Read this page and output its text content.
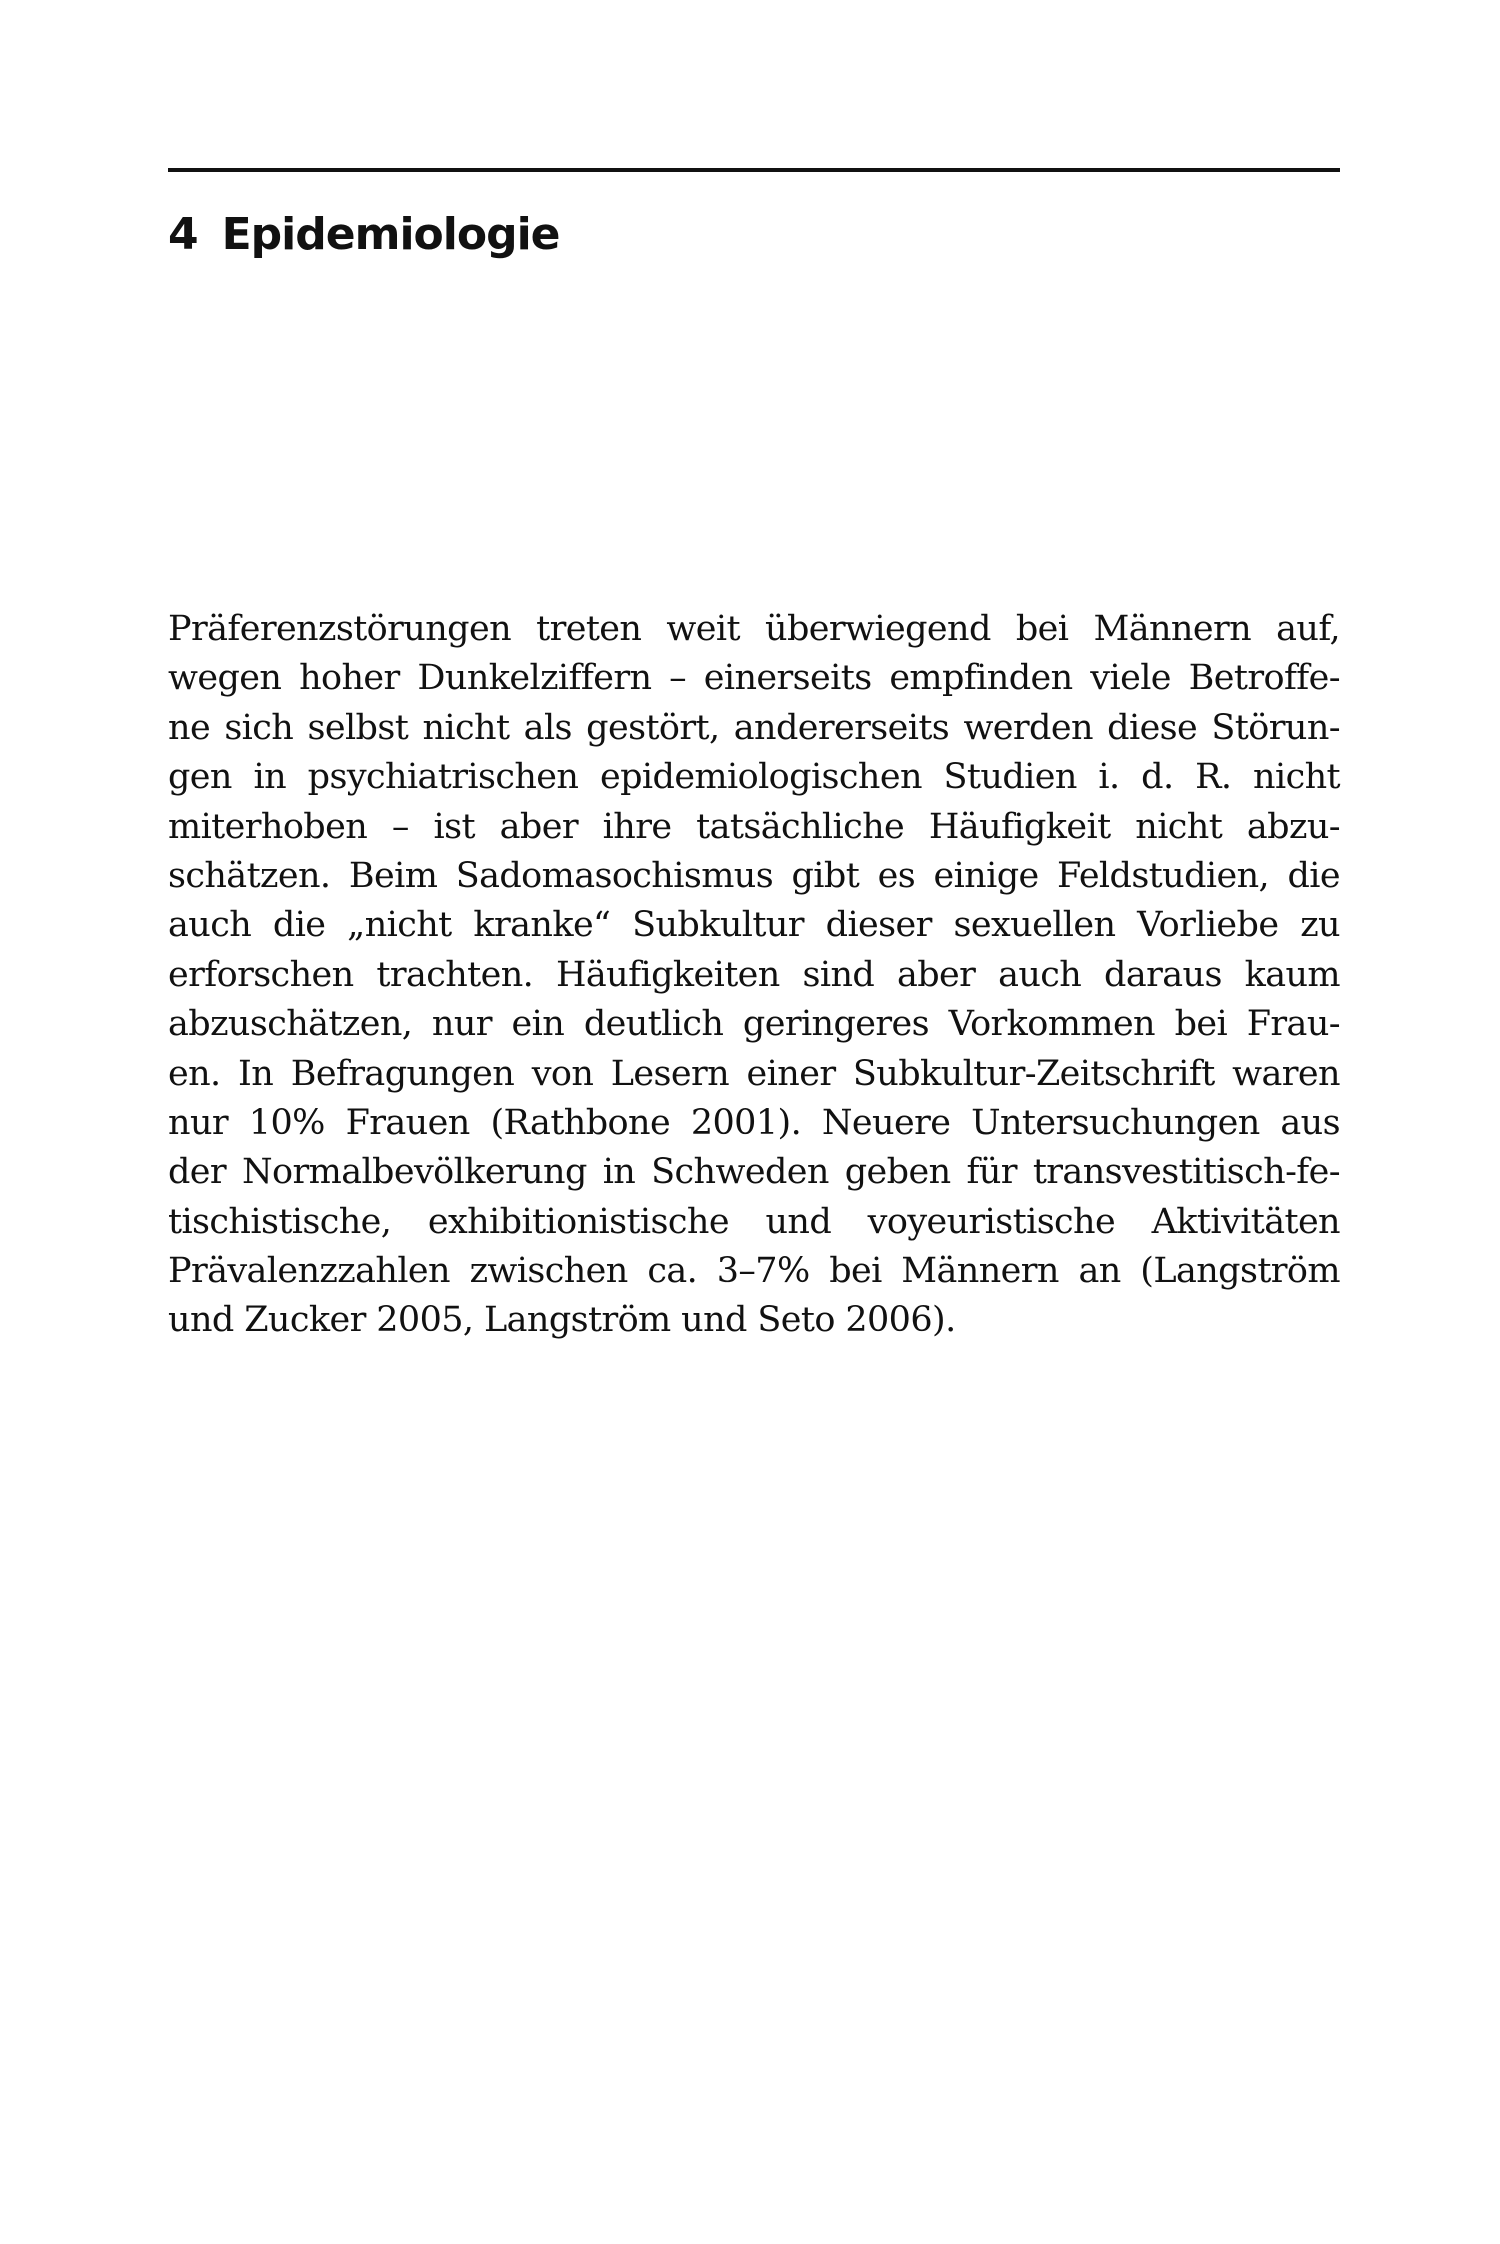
4 Epidemiologie
Präferenzstörungen treten weit überwiegend bei Männern auf,
wegen hoher Dunkelziffern – einerseits empfinden viele Betroffe-
ne sich selbst nicht als gestört, andererseits werden diese Störun-
gen in psychiatrischen epidemiologischen Studien i. d. R. nicht
miterhoben – ist aber ihre tatsächliche Häufigkeit nicht abzu-
schätzen. Beim Sadomasochismus gibt es einige Feldstudien, die
auch die „nicht kranke“ Subkultur dieser sexuellen Vorliebe zu
erforschen trachten. Häufigkeiten sind aber auch daraus kaum
abzuschätzen, nur ein deutlich geringeres Vorkommen bei Frau-
en. In Befragungen von Lesern einer Subkultur-Zeitschrift waren
nur 10% Frauen (Rathbone 2001). Neuere Untersuchungen aus
der Normalbevölkerung in Schweden geben für transvestitisch-fe-
tischistische, exhibitionistische und voyeuristische Aktivitäten
Prävalenzzahlen zwischen ca. 3–7% bei Männern an (Langström
und Zucker 2005, Langström und Seto 2006).
